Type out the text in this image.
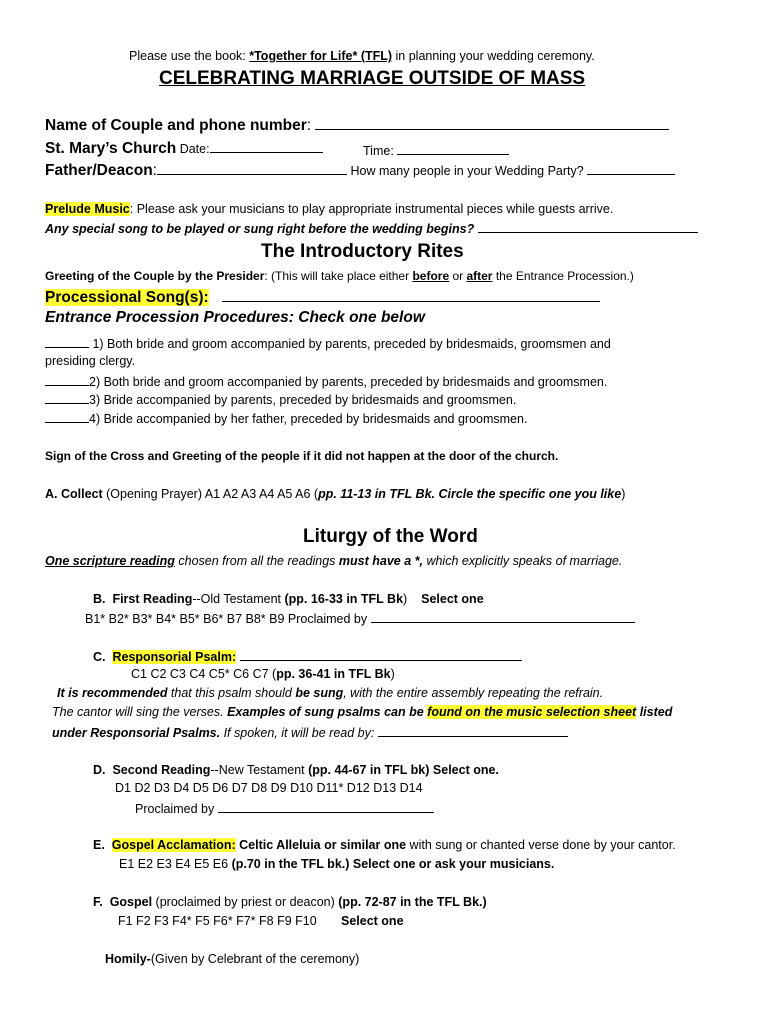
Please use the book: *Together for Life* (TFL) in planning your wedding ceremony.
CELEBRATING MARRIAGE OUTSIDE OF MASS
Name of Couple and phone number:
St. Mary’s Church Date:	Time:
Father/Deacon:	How many people in your Wedding Party?
Prelude Music: Please ask your musicians to play appropriate instrumental pieces while guests arrive.
Any special song to be played or sung right before the wedding begins?
The Introductory Rites
Greeting of the Couple by the Presider: (This will take place either before or after the Entrance Procession.)
Processional Song(s):
Entrance Procession Procedures: Check one below
1) Both bride and groom accompanied by parents, preceded by bridesmaids, groomsmen and
presiding clergy.
2) Both bride and groom accompanied by parents, preceded by bridesmaids and groomsmen.
3) Bride accompanied by parents, preceded by bridesmaids and groomsmen.
4) Bride accompanied by her father, preceded by bridesmaids and groomsmen.
Sign of the Cross and Greeting of the people if it did not happen at the door of the church.
A. Collect (Opening Prayer) A1 A2 A3 A4 A5 A6 (pp. 11-13 in TFL Bk. Circle the specific one you like)
Liturgy of the Word
One scripture reading chosen from all the readings must have a *, which explicitly speaks of marriage.
B. First Reading--Old Testament (pp. 16-33 in TFL Bk) Select one
B1* B2* B3* B4* B5* B6* B7 B8* B9 Proclaimed by
C. Responsorial Psalm:
C1 C2 C3 C4 C5* C6 C7 (pp. 36-41 in TFL Bk)
It is recommended that this psalm should be sung, with the entire assembly repeating the refrain.
The cantor will sing the verses. Examples of sung psalms can be found on the music selection sheet listed
under Responsorial Psalms. If spoken, it will be read by:
D. Second Reading--New Testament (pp. 44-67 in TFL bk) Select one.
D1 D2 D3 D4 D5 D6 D7 D8 D9 D10 D11* D12 D13 D14
Proclaimed by
E. Gospel Acclamation: Celtic Alleluia or similar one with sung or chanted verse done by your cantor.
E1 E2 E3 E4 E5 E6 (p.70 in the TFL bk.) Select one or ask your musicians.
F. Gospel (proclaimed by priest or deacon) (pp. 72-87 in the TFL Bk.)
F1 F2 F3 F4* F5 F6* F7* F8 F9 F10 Select one
Homily-(Given by Celebrant of the ceremony)
